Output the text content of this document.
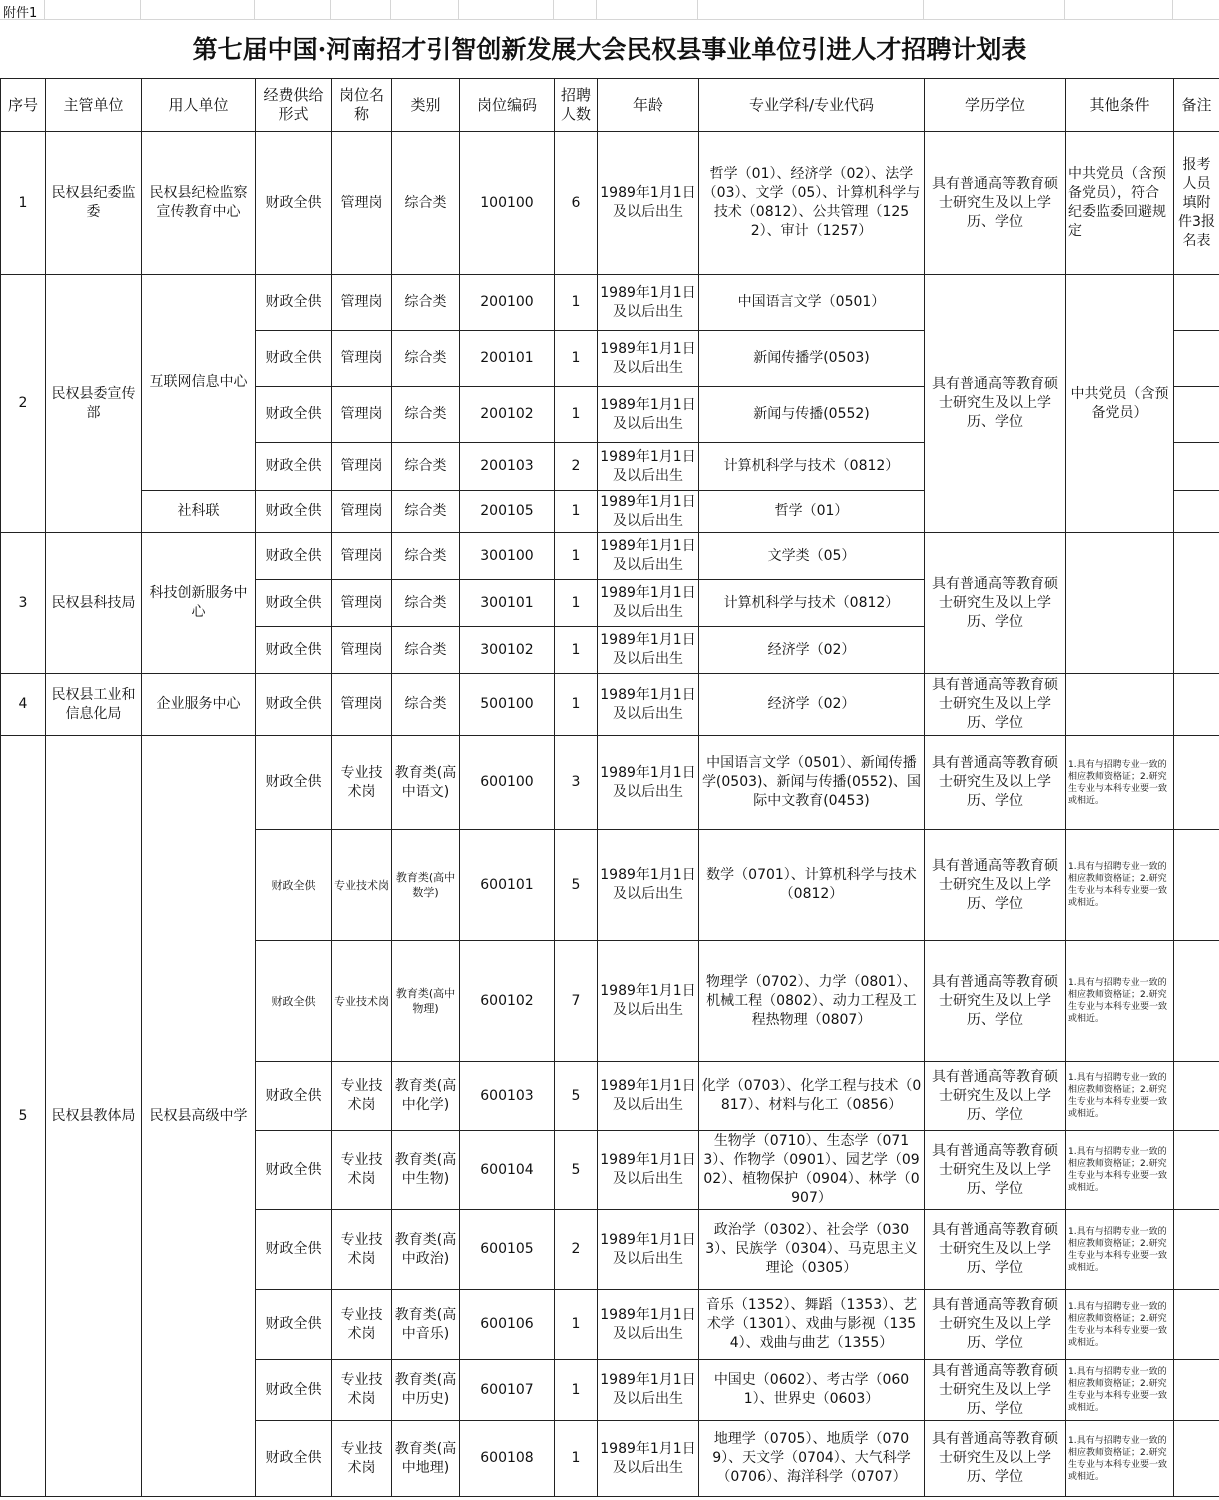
附件1
第七届中国·河南招才引智创新发展大会民权县事业单位引进人才招聘计划表
序号	主管单位	用人单位	经费供给形式	岗位名称	类别	岗位编码	招聘人数	年龄	专业学科/专业代码	学历学位	其他条件	备注
1	民权县纪委监委	民权县纪检监察宣传教育中心	财政全供	管理岗	综合类	100100	6	1989年1月1日及以后出生	哲学（01）、经济学（02）、法学（03）、文学（05）、计算机科学与技术（0812）、公共管理（1252）、审计（1257）	具有普通高等教育硕士研究生及以上学历、学位	中共党员（含预备党员），符合纪委监委回避规定	报考人员填附件3报名表
2	民权县委宣传部	互联网信息中心	财政全供	管理岗	综合类	200100	1	1989年1月1日及以后出生	中国语言文学（0501）	具有普通高等教育硕士研究生及以上学历、学位	中共党员（含预备党员）	
			财政全供	管理岗	综合类	200101	1	1989年1月1日及以后出生	新闻传播学(0503)			
			财政全供	管理岗	综合类	200102	1	1989年1月1日及以后出生	新闻与传播(0552)			
			财政全供	管理岗	综合类	200103	2	1989年1月1日及以后出生	计算机科学与技术（0812）			
		社科联	财政全供	管理岗	综合类	200105	1	1989年1月1日及以后出生	哲学（01）			
3	民权县科技局	科技创新服务中心	财政全供	管理岗	综合类	300100	1	1989年1月1日及以后出生	文学类（05）	具有普通高等教育硕士研究生及以上学历、学位		
			财政全供	管理岗	综合类	300101	1	1989年1月1日及以后出生	计算机科学与技术（0812）			
			财政全供	管理岗	综合类	300102	1	1989年1月1日及以后出生	经济学（02）			
4	民权县工业和信息化局	企业服务中心	财政全供	管理岗	综合类	500100	1	1989年1月1日及以后出生	经济学（02）	具有普通高等教育硕士研究生及以上学历、学位		

5	民权县教体局	民权县高级中学	财政全供	专业技术岗	教育类(高中语文)	600100	3	1989年1月1日及以后出生	中国语言文学（0501）、新闻传播学(0503)、新闻与传播(0552)、国际中文教育(0453)	具有普通高等教育硕士研究生及以上学历、学位	1.具有与招聘专业一致的相应教师资格证；2.研究生专业与本科专业要一致或相近。	
			财政全供	专业技术岗	教育类(高中数学)	600101	5	1989年1月1日及以后出生	数学（0701）、计算机科学与技术（0812）	具有普通高等教育硕士研究生及以上学历、学位	1.具有与招聘专业一致的相应教师资格证；2.研究生专业与本科专业要一致或相近。	
			财政全供	专业技术岗	教育类(高中物理)	600102	7	1989年1月1日及以后出生	物理学（0702）、力学（0801）、机械工程（0802）、动力工程及工程热物理（0807）	具有普通高等教育硕士研究生及以上学历、学位	1.具有与招聘专业一致的相应教师资格证；2.研究生专业与本科专业要一致或相近。	
			财政全供	专业技术岗	教育类(高中化学)	600103	5	1989年1月1日及以后出生	化学（0703）、化学工程与技术（0817）、材料与化工（0856）	具有普通高等教育硕士研究生及以上学历、学位	1.具有与招聘专业一致的相应教师资格证；2.研究生专业与本科专业要一致或相近。	
			财政全供	专业技术岗	教育类(高中生物)	600104	5	1989年1月1日及以后出生	生物学（0710）、生态学（0713）、作物学（0901）、园艺学（0902）、植物保护（0904）、林学（0907）	具有普通高等教育硕士研究生及以上学历、学位	1.具有与招聘专业一致的相应教师资格证；2.研究生专业与本科专业要一致或相近。	
			财政全供	专业技术岗	教育类(高中政治)	600105	2	1989年1月1日及以后出生	政治学（0302）、社会学（0303）、民族学（0304）、马克思主义理论（0305）	具有普通高等教育硕士研究生及以上学历、学位	1.具有与招聘专业一致的相应教师资格证；2.研究生专业与本科专业要一致或相近。	
			财政全供	专业技术岗	教育类(高中音乐)	600106	1	1989年1月1日及以后出生	音乐（1352）、舞蹈（1353）、艺术学（1301）、戏曲与影视（1354）、戏曲与曲艺（1355）	具有普通高等教育硕士研究生及以上学历、学位	1.具有与招聘专业一致的相应教师资格证；2.研究生专业与本科专业要一致或相近。	
			财政全供	专业技术岗	教育类(高中历史)	600107	1	1989年1月1日及以后出生	中国史（0602）、考古学（0601）、世界史（0603）	具有普通高等教育硕士研究生及以上学历、学位	1.具有与招聘专业一致的相应教师资格证；2.研究生专业与本科专业要一致或相近。	
			财政全供	专业技术岗	教育类(高中地理)	600108	1	1989年1月1日及以后出生	地理学（0705）、地质学（0709）、天文学（0704）、大气科学（0706）、海洋科学（0707）	具有普通高等教育硕士研究生及以上学历、学位	1.具有与招聘专业一致的相应教师资格证；2.研究生专业与本科专业要一致或相近。	
